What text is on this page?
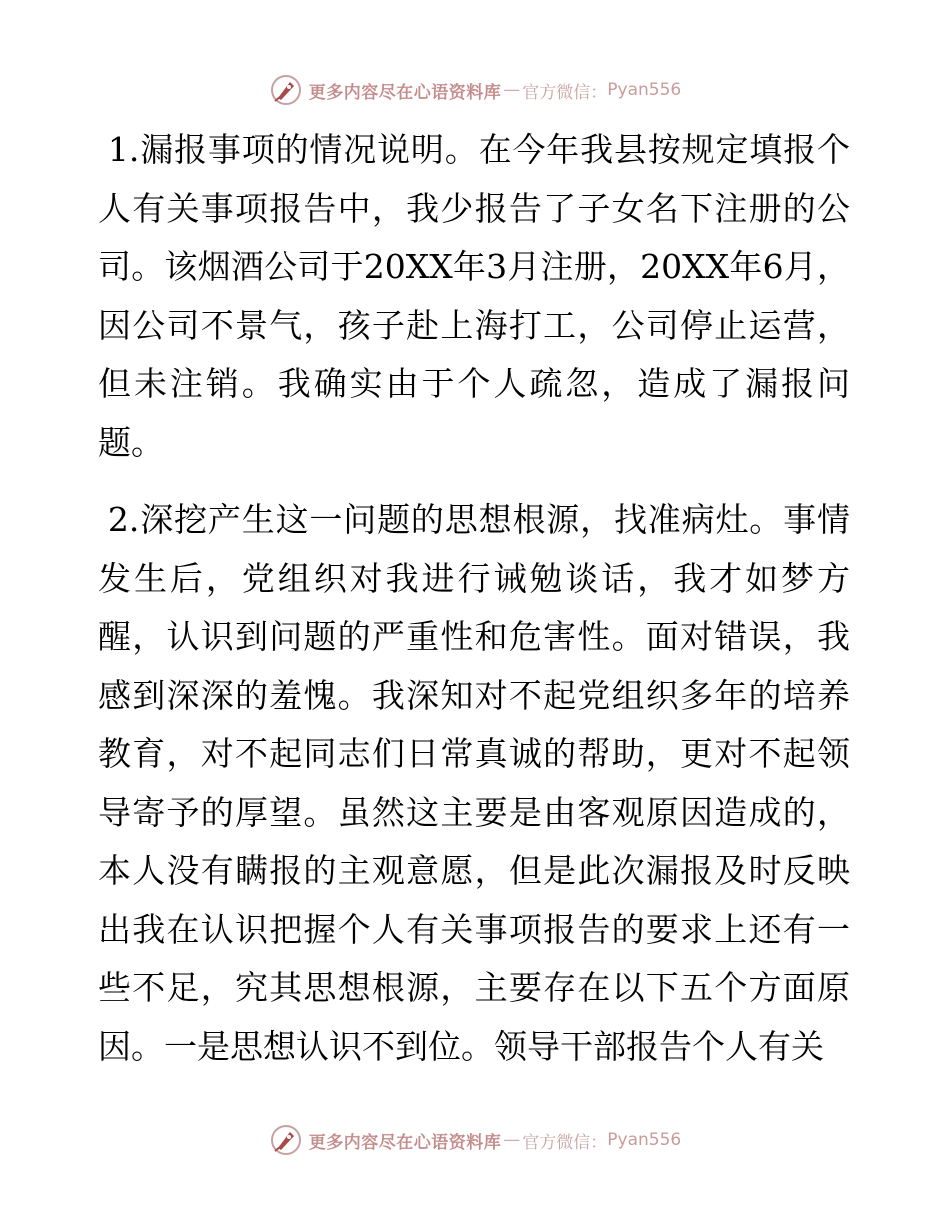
更多内容尽在心语资料库 — 官方微信： Pyan556

1.漏报事项的情况说明。在今年我县按规定填报个人有关事项报告中，我少报告了子女名下注册的公司。该烟酒公司于20XX年3月注册，20XX年6月，因公司不景气，孩子赴上海打工，公司停止运营，但未注销。我确实由于个人疏忽，造成了漏报问题。

2.深挖产生这一问题的思想根源，找准病灶。事情发生后，党组织对我进行诫勉谈话，我才如梦方醒，认识到问题的严重性和危害性。面对错误，我感到深深的羞愧。我深知对不起党组织多年的培养教育，对不起同志们日常真诚的帮助，更对不起领导寄予的厚望。虽然这主要是由客观原因造成的，本人没有瞒报的主观意愿，但是此次漏报及时反映出我在认识把握个人有关事项报告的要求上还有一些不足，究其思想根源，主要存在以下五个方面原因。一是思想认识不到位。领导干部报告个人有关

更多内容尽在心语资料库 — 官方微信： Pyan556
